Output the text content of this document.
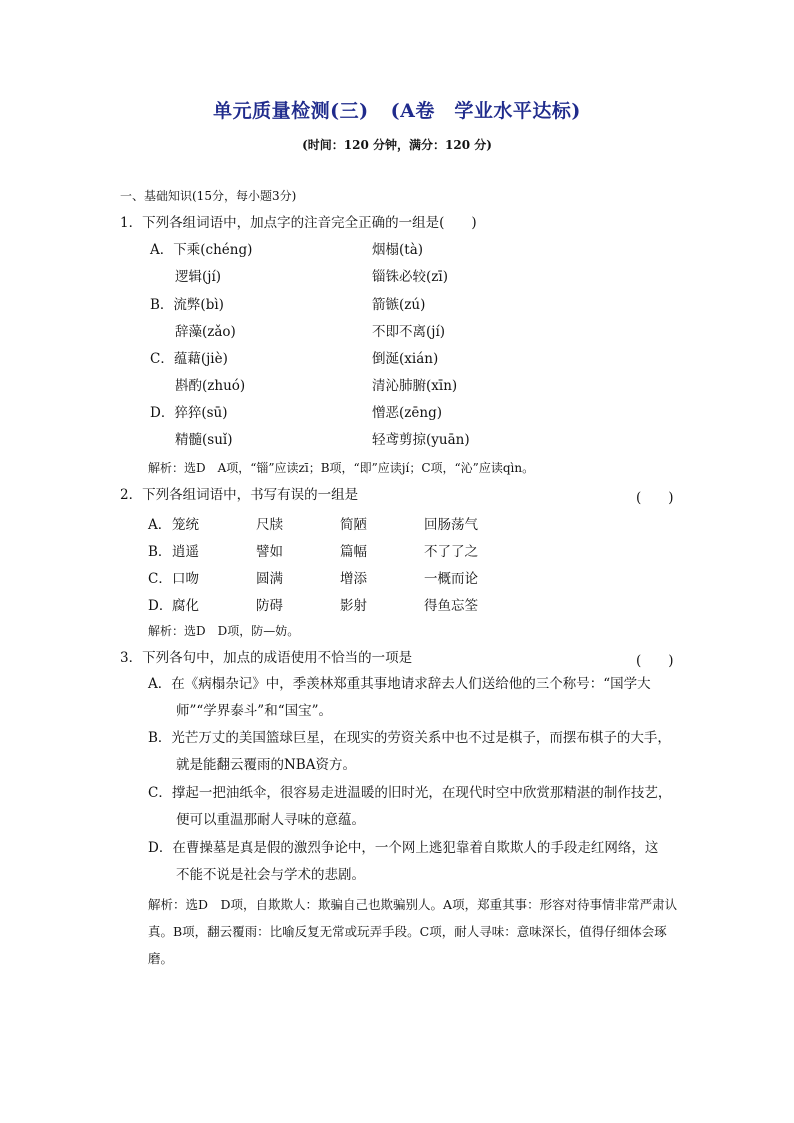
单元质量检测(三) (A卷　学业水平达标)
(时间：120 分钟，满分：120 分)
一、基础知识(15分，每小题3分)
1．下列各组词语中，加点字的注音完全正确的一组是(　　)
A．下乘(chéng)	烟榻(tà)
逻辑(jí)	锱铢必较(zī)
B．流弊(bì)	箭镞(zú)
辞藻(zǎo)	不即不离(jí)
C．蕴藉(jiè)	倒涎(xián)
斟酌(zhuó)	清沁肺腑(xīn)
D．猝猝(sū)	憎恶(zēng)
精髓(suǐ)	轻鸢剪掠(yuān)
解析：选D　A项，“锱”应读zī；B项，“即”应读jí；C项，“沁”应读qìn。
2．下列各组词语中，书写有误的一组是	(　　)
A． 笼统	尺牍	简陋	回肠荡气
B． 逍遥	譬如	篇幅	不了了之
C． 口吻	圆满	增添	一概而论
D． 腐化	防碍	影射	得鱼忘筌
解析：选D　D项，防—妨。
3．下列各句中，加点的成语使用不恰当的一项是	(　　)
A．在《病榻杂记》中，季羡林郑重其事地请求辞去人们送给他的三个称号：“国学大
师”“学界泰斗”和“国宝”。
B．光芒万丈的美国篮球巨星，在现实的劳资关系中也不过是棋子，而摆布棋子的大手，
就是能翻云覆雨的NBA资方。
C．撑起一把油纸伞，很容易走进温暖的旧时光，在现代时空中欣赏那精湛的制作技艺，
便可以重温那耐人寻味的意蕴。
D．在曹操墓是真是假的激烈争论中，一个网上逃犯靠着自欺欺人的手段走红网络，这
不能不说是社会与学术的悲剧。
解析：选D　D项，自欺欺人：欺骗自己也欺骗别人。A项，郑重其事：形容对待事情非常严肃认真。B项，翻云覆雨：比喻反复无常或玩弄手段。C项，耐人寻味：意味深长，值得仔细体会琢磨。
